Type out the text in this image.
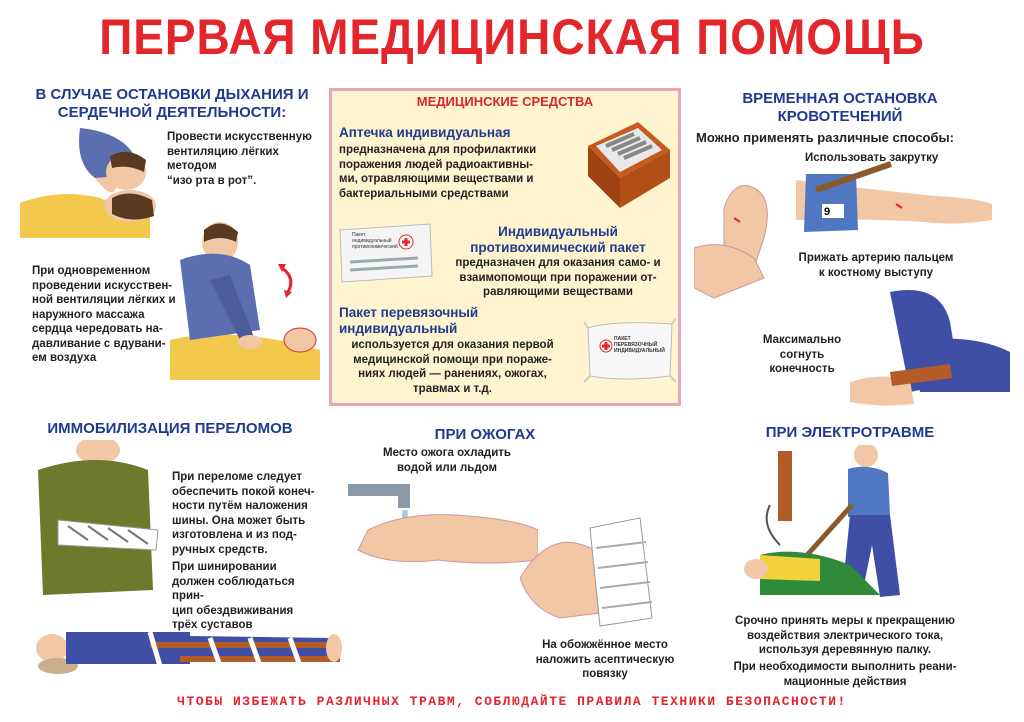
ПЕРВАЯ МЕДИЦИНСКАЯ ПОМОЩЬ
В СЛУЧАЕ ОСТАНОВКИ ДЫХАНИЯ И
СЕРДЕЧНОЙ ДЕЯТЕЛЬНОСТИ:
Провести искусственную
вентиляцию лёгких методом
“изо рта в рот”.
При одновременном
проведении искусствен-
ной вентиляции лёгких и
наружного массажа
сердца чередовать на-
давливание с вдувани-
ем воздуха
МЕДИЦИНСКИЕ СРЕДСТВА
Аптечка индивидуальная
предназначена для профилактики
поражения людей радиоактивны-
ми, отравляющими веществами и
бактериальными средствами
Пакет
индивидуальный
противохимический
Индивидуальный
противохимический пакет
предназначен для оказания само- и
взаимопомощи при поражении от-
равляющими веществами
Пакет перевязочный
индивидуальный
используется для оказания первой
медицинской помощи при пораже-
ниях людей — ранениях, ожогах,
травмах и т.д.
ПАКЕТ ПЕРЕВЯЗОЧНЫЙ
ИНДИВИДУАЛЬНЫЙ
ВРЕМЕННАЯ ОСТАНОВКА
КРОВОТЕЧЕНИЙ
Можно применять различные способы:
Использовать закрутку
9
Прижать артерию пальцем
к костному выступу
Максимально
согнуть
конечность
ИММОБИЛИЗАЦИЯ ПЕРЕЛОМОВ
При переломе следует
обеспечить покой конеч-
ности путём наложения
шины. Она может быть
изготовлена и из под-
ручных средств.
При шинировании
должен соблюдаться прин-
цип обездвиживания
трёх суставов
ПРИ ОЖОГАХ
Место ожога охладить
водой или льдом
На обожжённое место
наложить асептическую
повязку
ПРИ ЭЛЕКТРОТРАВМЕ
Срочно принять меры к прекращению
воздействия электрического тока,
используя деревянную палку.
При необходимости выполнить реани-
мационные действия
ЧТОБЫ ИЗБЕЖАТЬ РАЗЛИЧНЫХ ТРАВМ, СОБЛЮДАЙТЕ ПРАВИЛА ТЕХНИКИ БЕЗОПАСНОСТИ!
